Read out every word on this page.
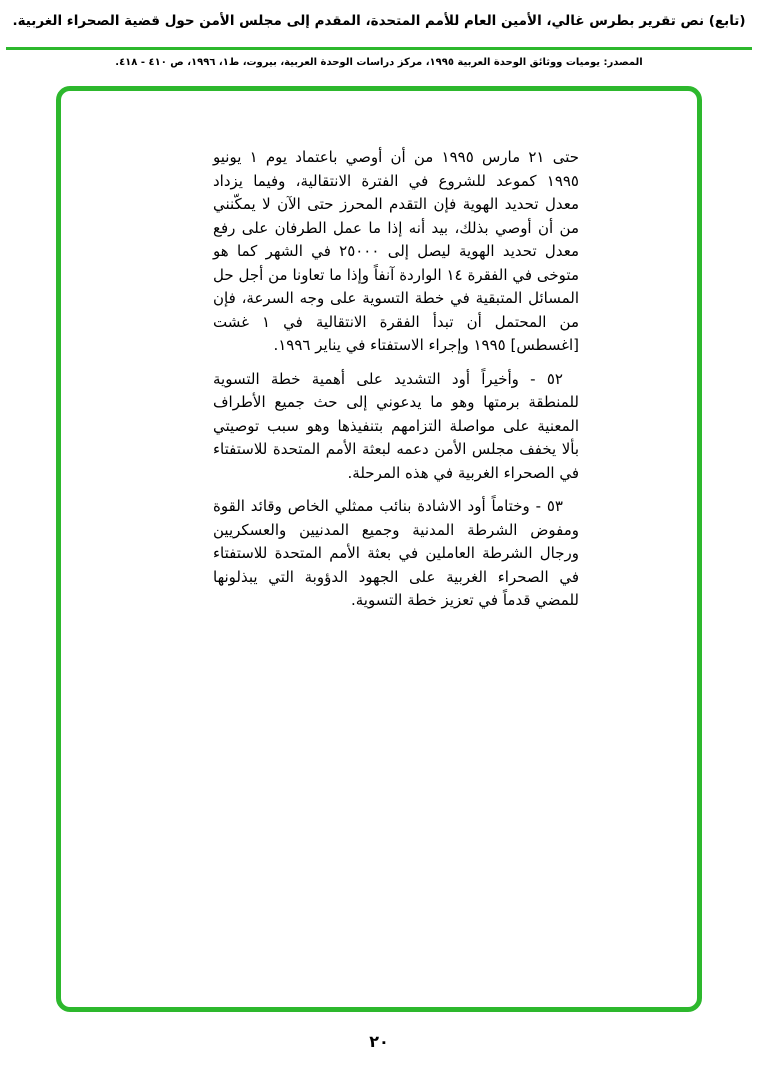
(تابع) نص تقرير بطرس غالي، الأمين العام للأمم المتحدة، المقدم إلى مجلس الأمن حول قضية الصحراء الغربية.
المصدر: يوميات ووثائق الوحدة العربية ١٩٩٥، مركز دراسات الوحدة العربية، بيروت، ط١، ١٩٩٦، ص ٤١٠ - ٤١٨.

حتى ٢١ مارس ١٩٩٥ من أن أوصي باعتماد يوم ١ يونيو ١٩٩٥ كموعد للشروع في الفترة الانتقالية، وفيما يزداد معدل تحديد الهوية فإن التقدم المحرز حتى الآن لا يمكّنني من أن أوصي بذلك، بيد أنه إذا ما عمل الطرفان على رفع معدل تحديد الهوية ليصل إلى ٢٥٠٠٠ في الشهر كما هو متوخى في الفقرة ١٤ الواردة آنفاً وإذا ما تعاونا من أجل حل المسائل المتبقية في خطة التسوية على وجه السرعة، فإن من المحتمل أن تبدأ الفقرة الانتقالية في ١ غشت [اغسطس] ١٩٩٥ وإجراء الاستفتاء في يناير ١٩٩٦.

٥٢ - وأخيراً أود التشديد على أهمية خطة التسوية للمنطقة برمتها وهو ما يدعوني إلى حث جميع الأطراف المعنية على مواصلة التزامهم بتنفيذها وهو سبب توصيتي بألا يخفف مجلس الأمن دعمه لبعثة الأمم المتحدة للاستفتاء في الصحراء الغربية في هذه المرحلة.

٥٣ - وختاماً أود الاشادة بنائب ممثلي الخاص وقائد القوة ومفوض الشرطة المدنية وجميع المدنيين والعسكريين ورجال الشرطة العاملين في بعثة الأمم المتحدة للاستفتاء في الصحراء الغربية على الجهود الدؤوبة التي يبذلونها للمضي قدماً في تعزيز خطة التسوية.

٢٠
